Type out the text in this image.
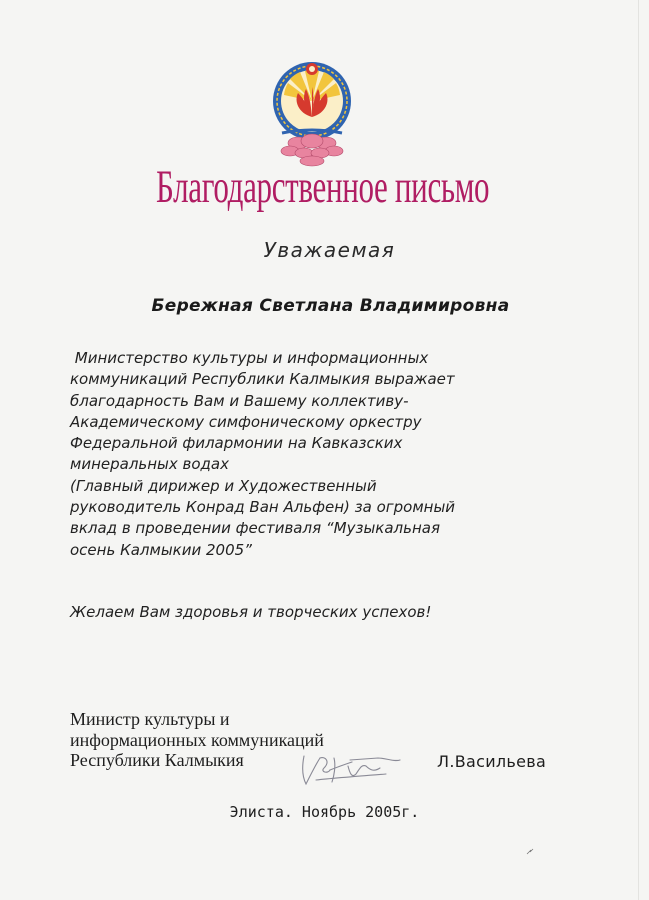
Благодарственное письмо
Уважаемая
Бережная Светлана Владимировна
Министерство культуры и информационных
коммуникаций Республики Калмыкия выражает
благодарность Вам и Вашему коллективу-
Академическому симфоническому оркестру
Федеральной филармонии на Кавказских
минеральных водах
(Главный дирижер и Художественный
руководитель Конрад Ван Альфен) за огромный
вклад в проведении фестиваля “Музыкальная
осень Калмыкии 2005”
Желаем Вам здоровья и творческих успехов!
Министр культуры и
информационных коммуникаций
Республики Калмыкия	Л.Васильева
Элиста. Ноябрь 2005г.
